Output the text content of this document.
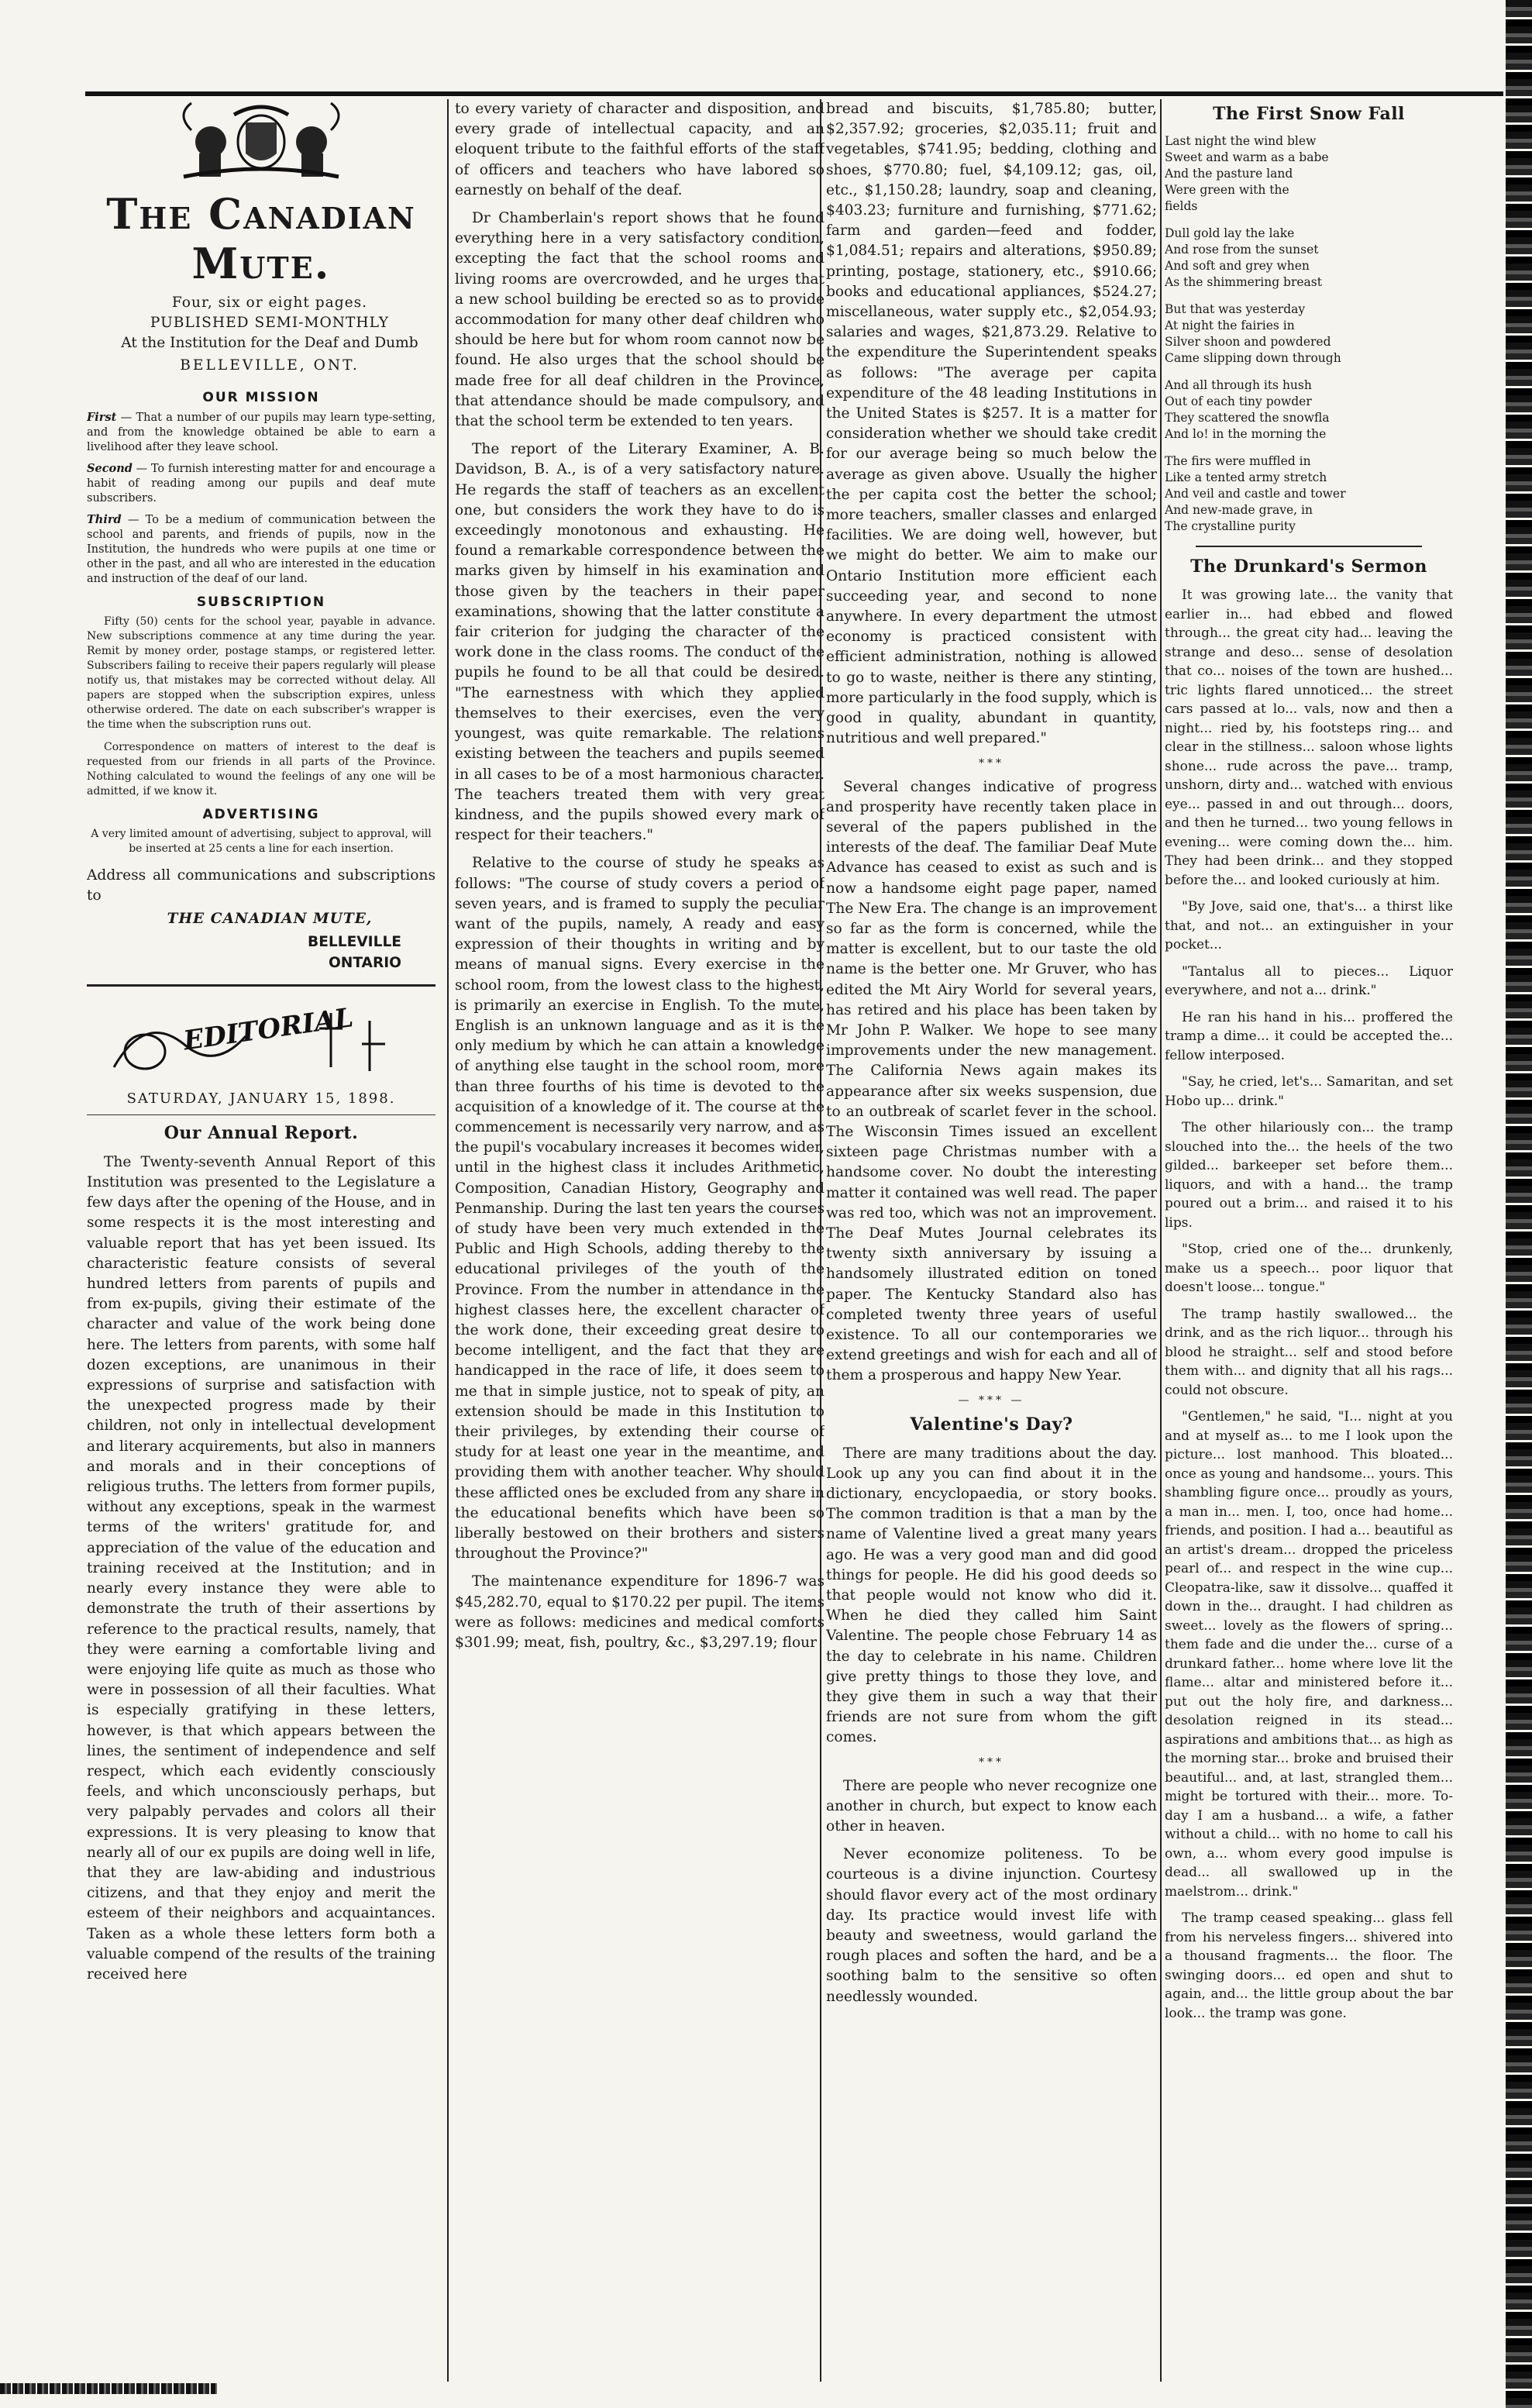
The Canadian Mute.

Four, six or eight pages.

PUBLISHED SEMI-MONTHLY

At the Institution for the Deaf and Dumb

BELLEVILLE, ONT.

OUR MISSION

First — That a number of our pupils may learn type-setting, and from the knowledge obtained be able to earn a livelihood after they leave school.

Second — To furnish interesting matter for and encourage a habit of reading among our pupils and deaf mute subscribers.

Third — To be a medium of communication between the school and parents, and friends of pupils, now in the Institution, the hundreds who were pupils at one time or other in the past, and all who are interested in the education and instruction of the deaf of our land.

SUBSCRIPTION

Fifty (50) cents for the school year, payable in advance. New subscriptions commence at any time during the year. Remit by money order, postage stamps, or registered letter. Subscribers failing to receive their papers regularly will please notify us, that mistakes may be corrected without delay. All papers are stopped when the subscription expires, unless otherwise ordered. The date on each subscriber's wrapper is the time when the subscription runs out.

Correspondence on matters of interest to the deaf is requested from our friends in all parts of the Province. Nothing calculated to wound the feelings of any one will be admitted, if we know it.

ADVERTISING

A very limited amount of advertising, subject to approval, will be inserted at 25 cents a line for each insertion.

Address all communications and subscriptions to

THE CANADIAN MUTE,

BELLEVILLE

ONTARIO

EDITORIAL
SATURDAY, JANUARY 15, 1898.
Our Annual Report.

The Twenty-seventh Annual Report of this Institution was presented to the Legislature a few days after the opening of the House, and in some respects it is the most interesting and valuable report that has yet been issued. Its characteristic feature consists of several hundred letters from parents of pupils and from ex-pupils, giving their estimate of the character and value of the work being done here. The letters from parents, with some half dozen exceptions, are unanimous in their expressions of surprise and satisfaction with the unexpected progress made by their children, not only in intellectual development and literary acquirements, but also in manners and morals and in their conceptions of religious truths. The letters from former pupils, without any exceptions, speak in the warmest terms of the writers' gratitude for, and appreciation of the value of the education and training received at the Institution; and in nearly every instance they were able to demonstrate the truth of their assertions by reference to the practical results, namely, that they were earning a comfortable living and were enjoying life quite as much as those who were in possession of all their faculties. What is especially gratifying in these letters, however, is that which appears between the lines, the sentiment of independence and self respect, which each evidently consciously feels, and which unconsciously perhaps, but very palpably pervades and colors all their expressions. It is very pleasing to know that nearly all of our ex pupils are doing well in life, that they are law-abiding and industrious citizens, and that they enjoy and merit the esteem of their neighbors and acquaintances. Taken as a whole these letters form both a valuable compend of the results of the training received here

to every variety of character and disposition, and every grade of intellectual capacity, and an eloquent tribute to the faithful efforts of the staff of officers and teachers who have labored so earnestly on behalf of the deaf.

Dr Chamberlain's report shows that he found everything here in a very satisfactory condition, excepting the fact that the school rooms and living rooms are overcrowded, and he urges that a new school building be erected so as to provide accommodation for many other deaf children who should be here but for whom room cannot now be found. He also urges that the school should be made free for all deaf children in the Province, that attendance should be made compulsory, and that the school term be extended to ten years.

The report of the Literary Examiner, A. B. Davidson, B. A., is of a very satisfactory nature. He regards the staff of teachers as an excellent one, but considers the work they have to do is exceedingly monotonous and exhausting. He found a remarkable correspondence between the marks given by himself in his examination and those given by the teachers in their paper examinations, showing that the latter constitute a fair criterion for judging the character of the work done in the class rooms. The conduct of the pupils he found to be all that could be desired. "The earnestness with which they applied themselves to their exercises, even the very youngest, was quite remarkable. The relations existing between the teachers and pupils seemed in all cases to be of a most harmonious character. The teachers treated them with very great kindness, and the pupils showed every mark of respect for their teachers."

Relative to the course of study he speaks as follows: "The course of study covers a period of seven years, and is framed to supply the peculiar want of the pupils, namely, A ready and easy expression of their thoughts in writing and by means of manual signs. Every exercise in the school room, from the lowest class to the highest, is primarily an exercise in English. To the mute, English is an unknown language and as it is the only medium by which he can attain a knowledge of anything else taught in the school room, more than three fourths of his time is devoted to the acquisition of a knowledge of it. The course at the commencement is necessarily very narrow, and as the pupil's vocabulary increases it becomes wider, until in the highest class it includes Arithmetic, Composition, Canadian History, Geography and Penmanship. During the last ten years the courses of study have been very much extended in the Public and High Schools, adding thereby to the educational privileges of the youth of the Province. From the number in attendance in the highest classes here, the excellent character of the work done, their exceeding great desire to become intelligent, and the fact that they are handicapped in the race of life, it does seem to me that in simple justice, not to speak of pity, an extension should be made in this Institution to their privileges, by extending their course of study for at least one year in the meantime, and providing them with another teacher. Why should these afflicted ones be excluded from any share in the educational benefits which have been so liberally bestowed on their brothers and sisters throughout the Province?"

The maintenance expenditure for 1896-7 was $45,282.70, equal to $170.22 per pupil. The items were as follows: medicines and medical comforts $301.99; meat, fish, poultry, &c., $3,297.19; flour

bread and biscuits, $1,785.80; butter, $2,357.92; groceries, $2,035.11; fruit and vegetables, $741.95; bedding, clothing and shoes, $770.80; fuel, $4,109.12; gas, oil, etc., $1,150.28; laundry, soap and cleaning, $403.23; furniture and furnishing, $771.62; farm and garden—feed and fodder, $1,084.51; repairs and alterations, $950.89; printing, postage, stationery, etc., $910.66; books and educational appliances, $524.27; miscellaneous, water supply etc., $2,054.93; salaries and wages, $21,873.29. Relative to the expenditure the Superintendent speaks as follows: "The average per capita expenditure of the 48 leading Institutions in the United States is $257. It is a matter for consideration whether we should take credit for our average being so much below the average as given above. Usually the higher the per capita cost the better the school; more teachers, smaller classes and enlarged facilities. We are doing well, however, but we might do better. We aim to make our Ontario Institution more efficient each succeeding year, and second to none anywhere. In every department the utmost economy is practiced consistent with efficient administration, nothing is allowed to go to waste, neither is there any stinting, more particularly in the food supply, which is good in quality, abundant in quantity, nutritious and well prepared."

***

Several changes indicative of progress and prosperity have recently taken place in several of the papers published in the interests of the deaf. The familiar Deaf Mute Advance has ceased to exist as such and is now a handsome eight page paper, named The New Era. The change is an improvement so far as the form is concerned, while the matter is excellent, but to our taste the old name is the better one. Mr Gruver, who has edited the Mt Airy World for several years, has retired and his place has been taken by Mr John P. Walker. We hope to see many improvements under the new management. The California News again makes its appearance after six weeks suspension, due to an outbreak of scarlet fever in the school. The Wisconsin Times issued an excellent sixteen page Christmas number with a handsome cover. No doubt the interesting matter it contained was well read. The paper was red too, which was not an improvement. The Deaf Mutes Journal celebrates its twenty sixth anniversary by issuing a handsomely illustrated edition on toned paper. The Kentucky Standard also has completed twenty three years of useful existence. To all our contemporaries we extend greetings and wish for each and all of them a prosperous and happy New Year.

— *** —
Valentine's Day?

There are many traditions about the day. Look up any you can find about it in the dictionary, encyclopaedia, or story books. The common tradition is that a man by the name of Valentine lived a great many years ago. He was a very good man and did good things for people. He did his good deeds so that people would not know who did it. When he died they called him Saint Valentine. The people chose February 14 as the day to celebrate in his name. Children give pretty things to those they love, and they give them in such a way that their friends are not sure from whom the gift comes.

***

There are people who never recognize one another in church, but expect to know each other in heaven.

Never economize politeness. To be courteous is a divine injunction. Courtesy should flavor every act of the most ordinary day. Its practice would invest life with beauty and sweetness, would garland the rough places and soften the hard, and be a soothing balm to the sensitive so often needlessly wounded.

The First Snow Fall
Last night the wind blew
Sweet and warm as a babe
And the pasture land
Were green with the
fields
Dull gold lay the lake
And rose from the sunset
And soft and grey when
As the shimmering breast
But that was yesterday
At night the fairies in
Silver shoon and powdered
Came slipping down through
And all through its hush
Out of each tiny powder
They scattered the snowfla
And lo! in the morning the
The firs were muffled in
Like a tented army stretch
And veil and castle and tower
And new-made grave, in
The crystalline purity
The Drunkard's Sermon

It was growing late... the vanity that earlier in... had ebbed and flowed through... the great city had... leaving the strange and deso... sense of desolation that co... noises of the town are hushed... tric lights flared unnoticed... the street cars passed at lo... vals, now and then a night... ried by, his footsteps ring... and clear in the stillness... saloon whose lights shone... rude across the pave... tramp, unshorn, dirty and... watched with envious eye... passed in and out through... doors, and then he turned... two young fellows in evening... were coming down the... him. They had been drink... and they stopped before the... and looked curiously at him.

"By Jove, said one, that's... a thirst like that, and not... an extinguisher in your pocket...

"Tantalus all to pieces... Liquor everywhere, and not a... drink."

He ran his hand in his... proffered the tramp a dime... it could be accepted the... fellow interposed.

"Say, he cried, let's... Samaritan, and set Hobo up... drink."

The other hilariously con... the tramp slouched into the... the heels of the two gilded... barkeeper set before them... liquors, and with a hand... the tramp poured out a brim... and raised it to his lips.

"Stop, cried one of the... drunkenly, make us a speech... poor liquor that doesn't loose... tongue."

The tramp hastily swallowed... the drink, and as the rich liquor... through his blood he straight... self and stood before them with... and dignity that all his rags... could not obscure.

"Gentlemen," he said, "I... night at you and at myself as... to me I look upon the picture... lost manhood. This bloated... once as young and handsome... yours. This shambling figure once... proudly as yours, a man in... men. I, too, once had home... friends, and position. I had a... beautiful as an artist's dream... dropped the priceless pearl of... and respect in the wine cup... Cleopatra-like, saw it dissolve... quaffed it down in the... draught. I had children as sweet... lovely as the flowers of spring... them fade and die under the... curse of a drunkard father... home where love lit the flame... altar and ministered before it... put out the holy fire, and darkness... desolation reigned in its stead... aspirations and ambitions that... as high as the morning star... broke and bruised their beautiful... and, at last, strangled them... might be tortured with their... more. To-day I am a husband... a wife, a father without a child... with no home to call his own, a... whom every good impulse is dead... all swallowed up in the maelstrom... drink."

The tramp ceased speaking... glass fell from his nerveless fingers... shivered into a thousand fragments... the floor. The swinging doors... ed open and shut to again, and... the little group about the bar look... the tramp was gone.
